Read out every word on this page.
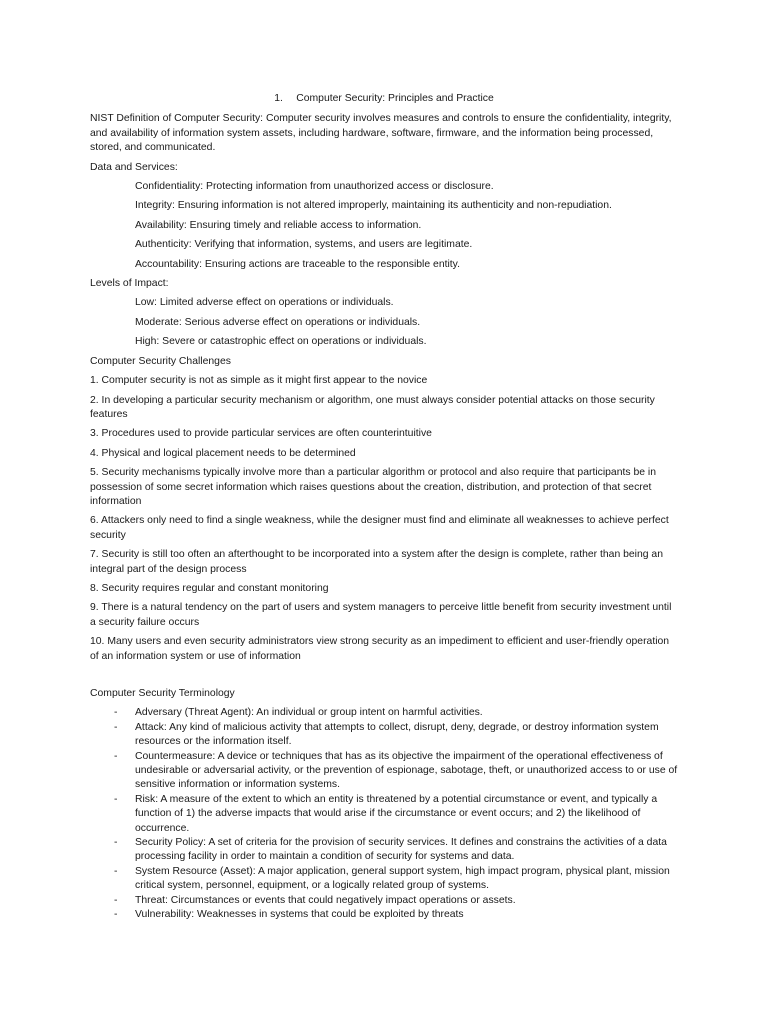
1.	Computer Security: Principles and Practice

NIST Definition of Computer Security: Computer security involves measures and controls to ensure the confidentiality, integrity, and availability of information system assets, including hardware, software, firmware, and the information being processed, stored, and communicated.

Data and Services:

Confidentiality: Protecting information from unauthorized access or disclosure.

Integrity: Ensuring information is not altered improperly, maintaining its authenticity and non-repudiation.

Availability: Ensuring timely and reliable access to information.

Authenticity: Verifying that information, systems, and users are legitimate.

Accountability: Ensuring actions are traceable to the responsible entity.

Levels of Impact:

Low: Limited adverse effect on operations or individuals.

Moderate: Serious adverse effect on operations or individuals.

High: Severe or catastrophic effect on operations or individuals.

Computer Security Challenges

1. Computer security is not as simple as it might first appear to the novice

2. In developing a particular security mechanism or algorithm, one must always consider potential attacks on those security features

3. Procedures used to provide particular services are often counterintuitive

4. Physical and logical placement needs to be determined

5. Security mechanisms typically involve more than a particular algorithm or protocol and also require that participants be in possession of some secret information which raises questions about the creation, distribution, and protection of that secret information

6. Attackers only need to find a single weakness, while the designer must find and eliminate all weaknesses to achieve perfect security

7. Security is still too often an afterthought to be incorporated into a system after the design is complete, rather than being an integral part of the design process

8. Security requires regular and constant monitoring

9. There is a natural tendency on the part of users and system managers to perceive little benefit from security investment until a security failure occurs

10. Many users and even security administrators view strong security as an impediment to efficient and user-friendly operation of an information system or use of information

Computer Security Terminology

- Adversary (Threat Agent): An individual or group intent on harmful activities.
- Attack: Any kind of malicious activity that attempts to collect, disrupt, deny, degrade, or destroy information system resources or the information itself.
- Countermeasure: A device or techniques that has as its objective the impairment of the operational effectiveness of undesirable or adversarial activity, or the prevention of espionage, sabotage, theft, or unauthorized access to or use of sensitive information or information systems.
- Risk: A measure of the extent to which an entity is threatened by a potential circumstance or event, and typically a function of 1) the adverse impacts that would arise if the circumstance or event occurs; and 2) the likelihood of occurrence.
- Security Policy: A set of criteria for the provision of security services. It defines and constrains the activities of a data processing facility in order to maintain a condition of security for systems and data.
- System Resource (Asset): A major application, general support system, high impact program, physical plant, mission critical system, personnel, equipment, or a logically related group of systems.
- Threat: Circumstances or events that could negatively impact operations or assets.
- Vulnerability: Weaknesses in systems that could be exploited by threats
